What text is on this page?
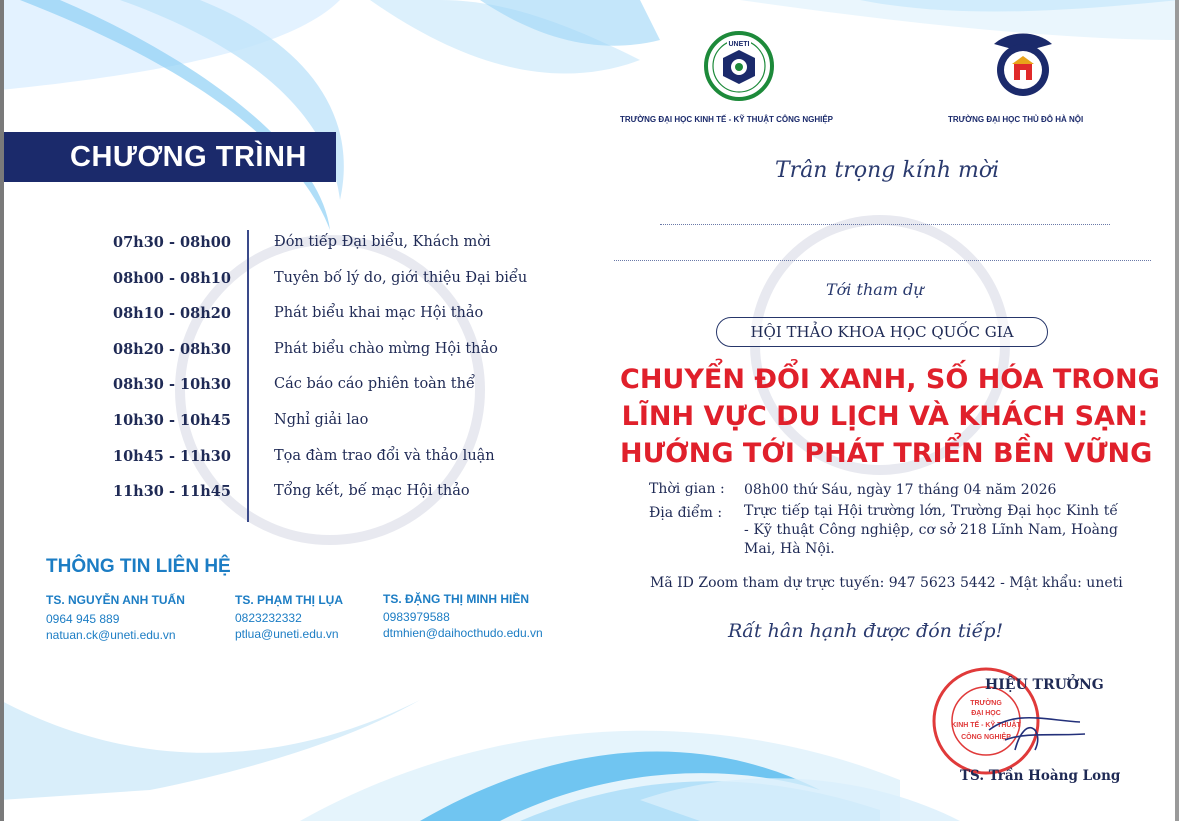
CHƯƠNG TRÌNH
07h30 - 08h00	Đón tiếp Đại biểu, Khách mời
08h00 - 08h10	Tuyên bố lý do, giới thiệu Đại biểu
08h10 - 08h20	Phát biểu khai mạc Hội thảo
08h20 - 08h30	Phát biểu chào mừng Hội thảo
08h30 - 10h30	Các báo cáo phiên toàn thể
10h30 - 10h45	Nghỉ giải lao
10h45 - 11h30	Tọa đàm trao đổi và thảo luận
11h30 - 11h45	Tổng kết, bế mạc Hội thảo
THÔNG TIN LIÊN HỆ
TS. NGUYỄN ANH TUẤN
0964 945 889
natuan.ck@uneti.edu.vn
TS. PHẠM THỊ LỤA
0823232332
ptlua@uneti.edu.vn
TS. ĐẶNG THỊ MINH HIỀN
0983979588
dtmhien@daihocthudo.edu.vn
UNETI
TRƯỜNG ĐẠI HỌC KINH TẾ - KỸ THUẬT CÔNG NGHIỆP	TRƯỜNG ĐẠI HỌC THỦ ĐÔ HÀ NỘI
Trân trọng kính mời
Tới tham dự
HỘI THẢO KHOA HỌC QUỐC GIA
CHUYỂN ĐỔI XANH, SỐ HÓA TRONG
LĨNH VỰC DU LỊCH VÀ KHÁCH SẠN:
HƯỚNG TỚI PHÁT TRIỂN BỀN VỮNG
Thời gian : 08h00 thứ Sáu, ngày 17 tháng 04 năm 2026
Địa điểm : Trực tiếp tại Hội trường lớn, Trường Đại học Kinh tế - Kỹ thuật Công nghiệp, cơ sở 218 Lĩnh Nam, Hoàng Mai, Hà Nội.
Mã ID Zoom tham dự trực tuyến: 947 5623 5442 - Mật khẩu: uneti
Rất hân hạnh được đón tiếp!
TRƯỜNG
ĐẠI HỌC
KINH TẾ - KỸ THUẬT
CÔNG NGHIỆP
HIỆU TRƯỞNG
TS. Trần Hoàng Long
